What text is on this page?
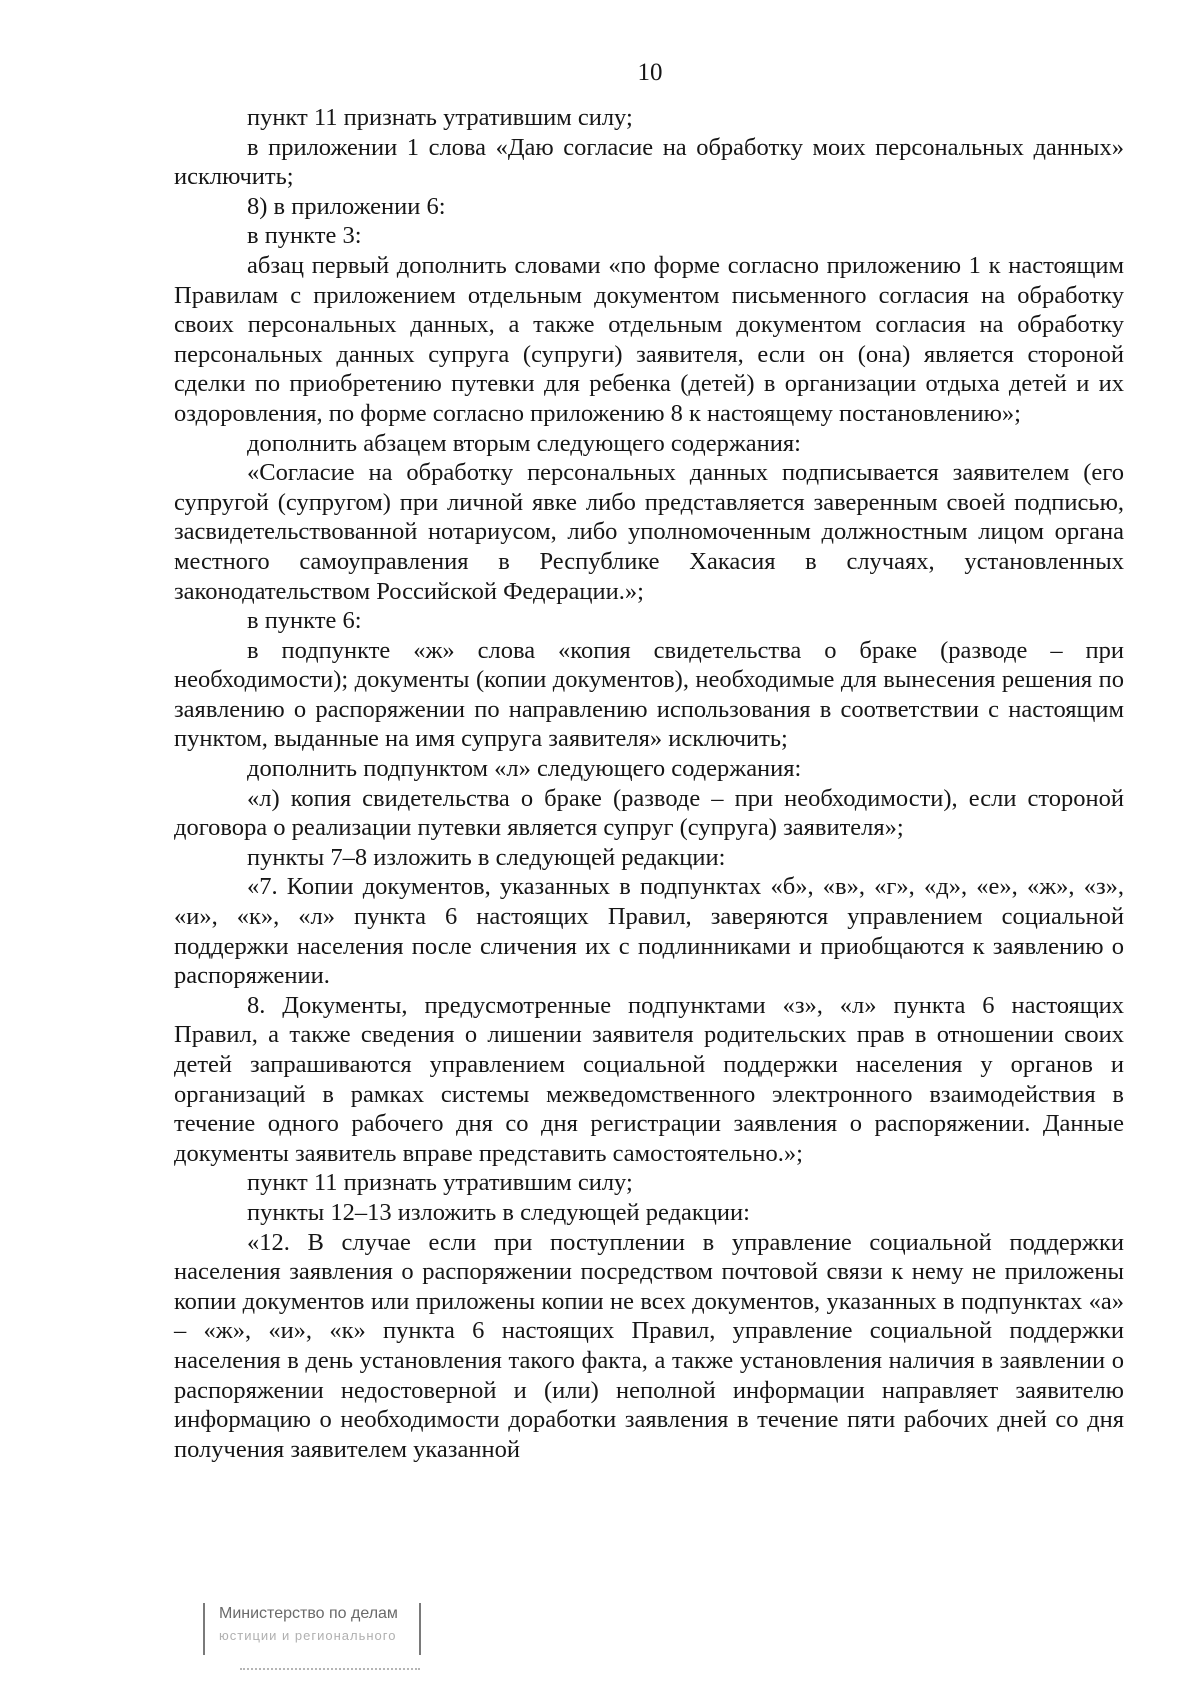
10

пункт 11 признать утратившим силу;

в приложении 1 слова «Даю согласие на обработку моих персональных данных» исключить;

8) в приложении 6:

в пункте 3:

абзац первый дополнить словами «по форме согласно приложению 1 к настоящим Правилам с приложением отдельным документом письменного согласия на обработку своих персональных данных, а также отдельным документом согласия на обработку персональных данных супруга (супруги) заявителя, если он (она) является стороной сделки по приобретению путевки для ребенка (детей) в организации отдыха детей и их оздоровления, по форме согласно приложению 8 к настоящему постановлению»;

дополнить абзацем вторым следующего содержания:

«Согласие на обработку персональных данных подписывается заявителем (его супругой (супругом) при личной явке либо представляется заверенным своей подписью, засвидетельствованной нотариусом, либо уполномоченным должностным лицом органа местного самоуправления в Республике Хакасия в случаях, установленных законодательством Российской Федерации.»;

в пункте 6:

в подпункте «ж» слова «копия свидетельства о браке (разводе – при необходимости); документы (копии документов), необходимые для вынесения решения по заявлению о распоряжении по направлению использования в соответствии с настоящим пунктом, выданные на имя супруга заявителя» исключить;

дополнить подпунктом «л» следующего содержания:

«л) копия свидетельства о браке (разводе – при необходимости), если стороной договора о реализации путевки является супруг (супруга) заявителя»;

пункты 7–8 изложить в следующей редакции:

«7. Копии документов, указанных в подпунктах «б», «в», «г», «д», «е», «ж», «з», «и», «к», «л» пункта 6 настоящих Правил, заверяются управлением социальной поддержки населения после сличения их с подлинниками и приобщаются к заявлению о распоряжении.

8. Документы, предусмотренные подпунктами «з», «л» пункта 6 настоящих Правил, а также сведения о лишении заявителя родительских прав в отношении своих детей запрашиваются управлением социальной поддержки населения у органов и организаций в рамках системы межведомственного электронного взаимодействия в течение одного рабочего дня со дня регистрации заявления о распоряжении. Данные документы заявитель вправе представить самостоятельно.»;

пункт 11 признать утратившим силу;

пункты 12–13 изложить в следующей редакции:

«12. В случае если при поступлении в управление социальной поддержки населения заявления о распоряжении посредством почтовой связи к нему не приложены копии документов или приложены копии не всех документов, указанных в подпунктах «а» – «ж», «и», «к» пункта 6 настоящих Правил, управление социальной поддержки населения в день установления такого факта, а также установления наличия в заявлении о распоряжении недостоверной и (или) неполной информации направляет заявителю информацию о необходимости доработки заявления в течение пяти рабочих дней со дня получения заявителем указанной

Министерство по делам
юстиции и регионального
